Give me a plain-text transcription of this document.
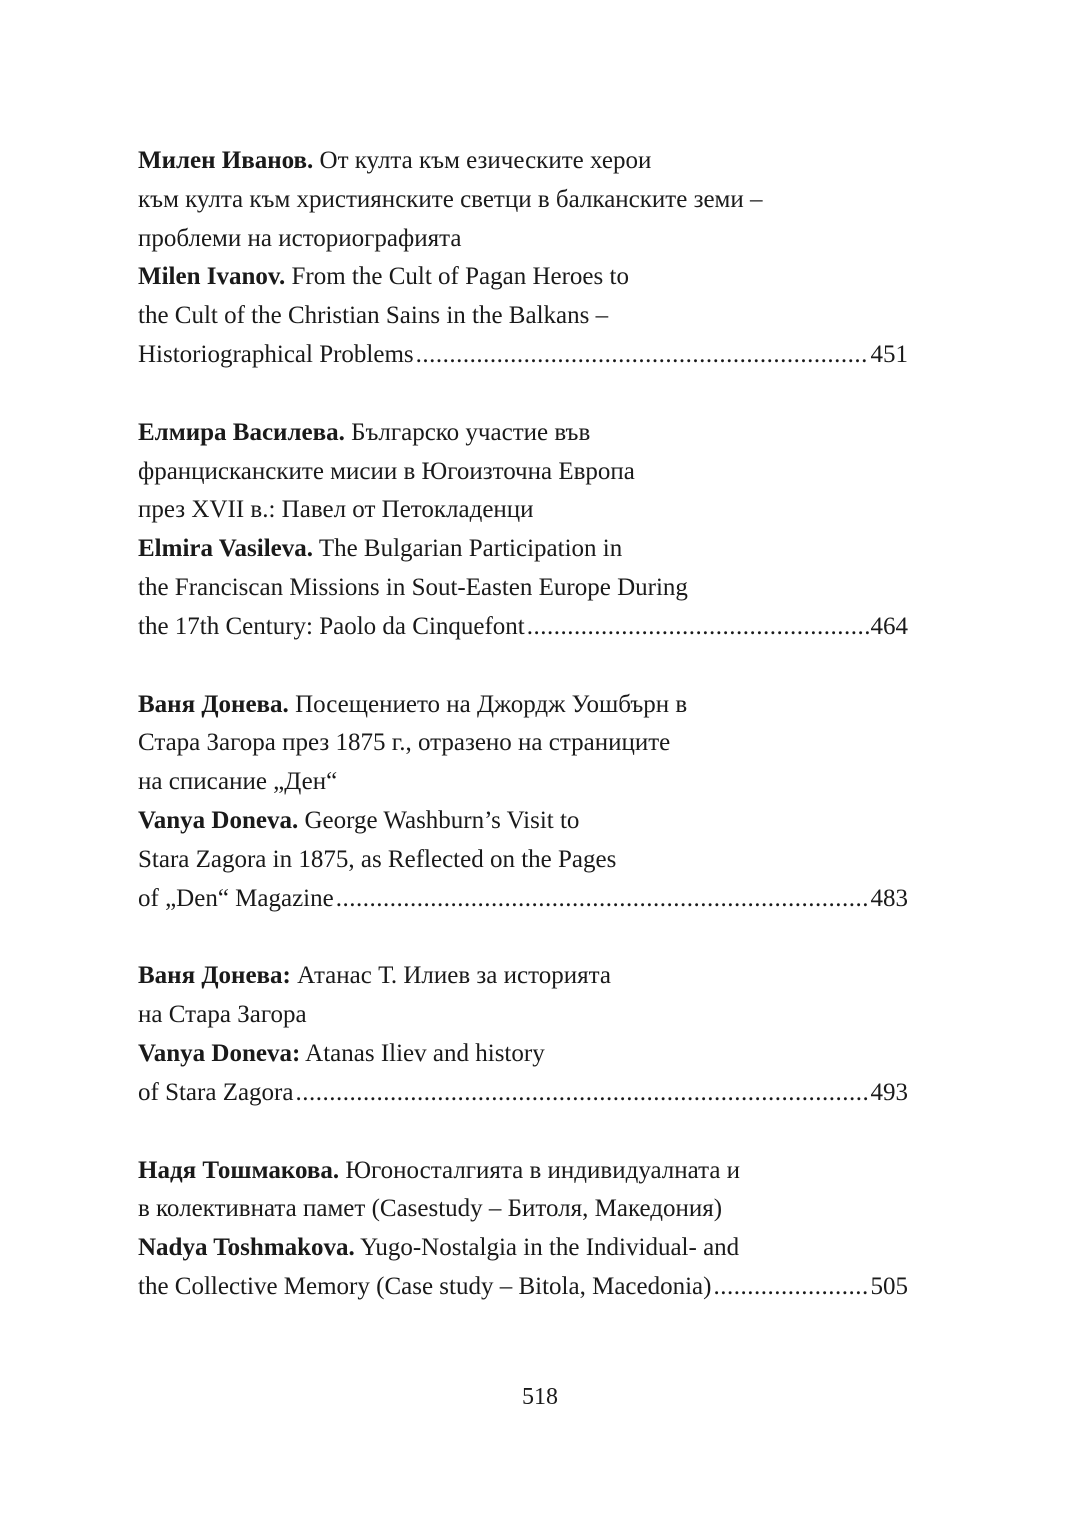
Милен Иванов. От култа към езическите херои
към култа към християнските светци в балканските земи –
проблеми на историографията
Milen Ivanov. From the Cult of Pagan Heroes to
the Cult of the Christian Sains in the Balkans –
Historiographical Problems .....	451
Елмира Василева. Българско участие във
францисканските мисии в Югоизточна Европа
през XVII в.: Павел от Петокладенци
Elmira Vasileva. The Bulgarian Participation in
the Franciscan Missions in Sout-Easten Europe During
the 17th Century: Paolo da Cinquefont .....	464
Ваня Донева. Посещението на Джордж Уошбърн в
Стара Загора през 1875 г., отразено на страниците
на списание „Ден“
Vanya Doneva. George Washburn’s Visit to
Stara Zagora in 1875, as Reflected on the Pages
of „Den“ Magazine .....	483
Ваня Донева: Атанас Т. Илиев за историята
на Стара Загора
Vanya Doneva: Atanas Iliev and history
of Stara Zagora .....	493
Надя Тошмакова. Югоносталгията в индивидуалната и
в колективната памет (Casestudy – Битоля, Македония)
Nadya Toshmakova. Yugo-Nostalgia in the Individual- and
the Collective Memory (Case study – Bitola, Macedonia) .....	505
518
